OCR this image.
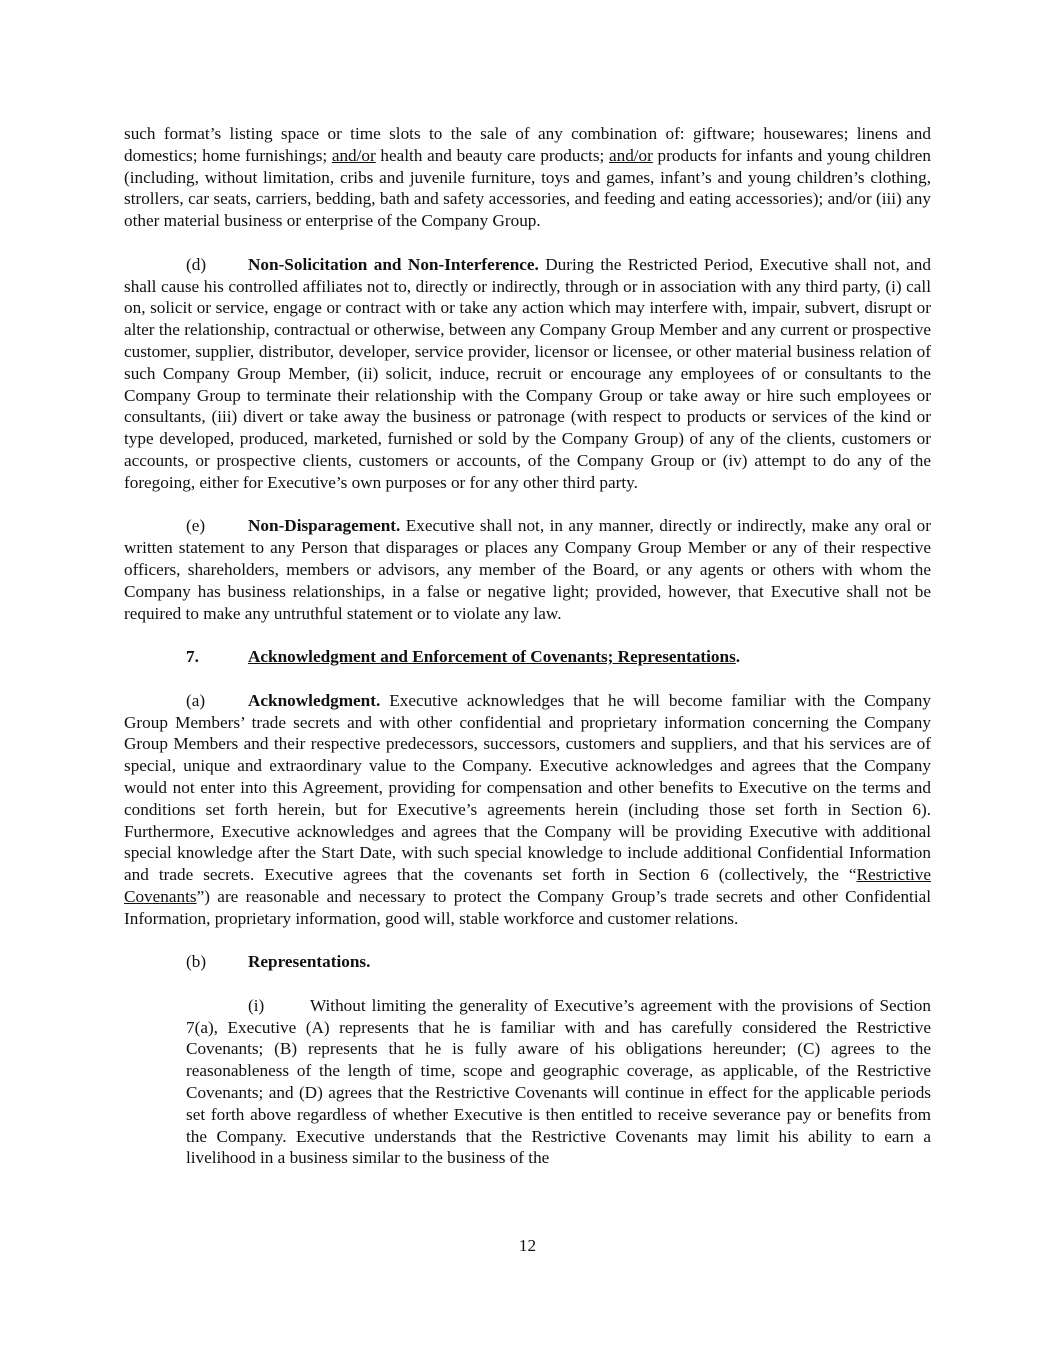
such format’s listing space or time slots to the sale of any combination of: giftware; housewares; linens and domestics; home furnishings; and/or health and beauty care products; and/or products for infants and young children (including, without limitation, cribs and juvenile furniture, toys and games, infant’s and young children’s clothing, strollers, car seats, carriers, bedding, bath and safety accessories, and feeding and eating accessories); and/or (iii) any other material business or enterprise of the Company Group.

(d) Non-Solicitation and Non-Interference. During the Restricted Period, Executive shall not, and shall cause his controlled affiliates not to, directly or indirectly, through or in association with any third party, (i) call on, solicit or service, engage or contract with or take any action which may interfere with, impair, subvert, disrupt or alter the relationship, contractual or otherwise, between any Company Group Member and any current or prospective customer, supplier, distributor, developer, service provider, licensor or licensee, or other material business relation of such Company Group Member, (ii) solicit, induce, recruit or encourage any employees of or consultants to the Company Group to terminate their relationship with the Company Group or take away or hire such employees or consultants, (iii) divert or take away the business or patronage (with respect to products or services of the kind or type developed, produced, marketed, furnished or sold by the Company Group) of any of the clients, customers or accounts, or prospective clients, customers or accounts, of the Company Group or (iv) attempt to do any of the foregoing, either for Executive’s own purposes or for any other third party.

(e) Non-Disparagement. Executive shall not, in any manner, directly or indirectly, make any oral or written statement to any Person that disparages or places any Company Group Member or any of their respective officers, shareholders, members or advisors, any member of the Board, or any agents or others with whom the Company has business relationships, in a false or negative light; provided, however, that Executive shall not be required to make any untruthful statement or to violate any law.

7.	Acknowledgment and Enforcement of Covenants; Representations.

(a) Acknowledgment. Executive acknowledges that he will become familiar with the Company Group Members’ trade secrets and with other confidential and proprietary information concerning the Company Group Members and their respective predecessors, successors, customers and suppliers, and that his services are of special, unique and extraordinary value to the Company. Executive acknowledges and agrees that the Company would not enter into this Agreement, providing for compensation and other benefits to Executive on the terms and conditions set forth herein, but for Executive’s agreements herein (including those set forth in Section 6). Furthermore, Executive acknowledges and agrees that the Company will be providing Executive with additional special knowledge after the Start Date, with such special knowledge to include additional Confidential Information and trade secrets. Executive agrees that the covenants set forth in Section 6 (collectively, the “Restrictive Covenants”) are reasonable and necessary to protect the Company Group’s trade secrets and other Confidential Information, proprietary information, good will, stable workforce and customer relations.

(b) Representations.

(i)	Without limiting the generality of Executive’s agreement with the provisions of Section 7(a), Executive (A) represents that he is familiar with and has carefully considered the Restrictive Covenants; (B) represents that he is fully aware of his obligations hereunder; (C) agrees to the reasonableness of the length of time, scope and geographic coverage, as applicable, of the Restrictive Covenants; and (D) agrees that the Restrictive Covenants will continue in effect for the applicable periods set forth above regardless of whether Executive is then entitled to receive severance pay or benefits from the Company. Executive understands that the Restrictive Covenants may limit his ability to earn a livelihood in a business similar to the business of the

12
